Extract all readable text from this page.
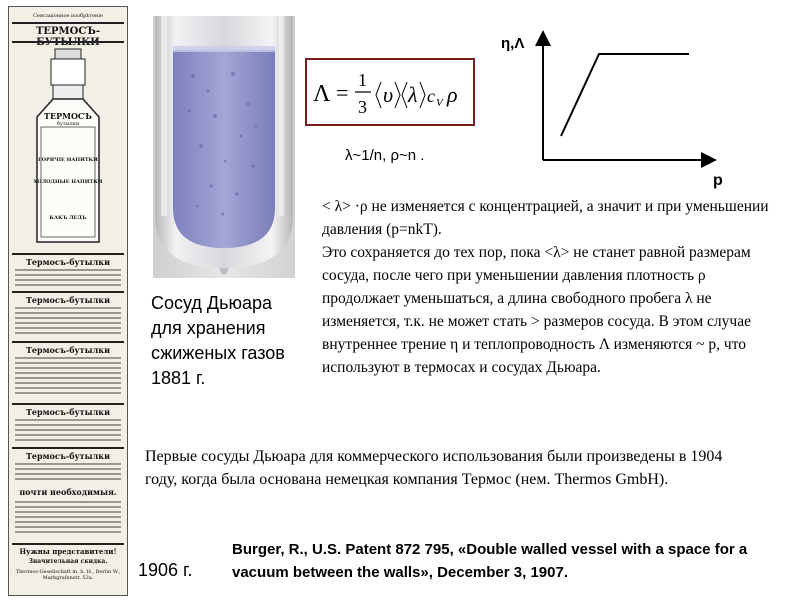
Сенсаціонное изобрѣтеніе
ТЕРМОСЪ-
ТЕРМОСЪ
бутылки
ГОРЯЧІЕ НАПИТКИ
ХОЛОДНЫЕ НАПИТКИ
КАКЪ ЛЕДЪ
Термосъ-бутылки
Термосъ-бутылки
Термосъ-бутылки
Термосъ-бутылки
Термосъ-бутылки
почти необходимыя.
Нужны представители!
Значительная скидка.
Thermos-Gesellschaft m. b. H., Berlin W., Markgrafenstr. 52a.
Λ = 1
3 υ λ c V ρ
λ~1/n, ρ~n .
η,Λ
p

< λ> ·ρ не изменяется с концентрацией, а значит и при уменьшении давления (p=nkT).

Это сохраняется до тех пор, пока <λ> не станет равной размерам сосуда, после чего при уменьшении давления плотность ρ продолжает уменьшаться, а длина свободного пробега λ не изменяется, т.к. не может стать > размеров сосуда. В этом случае внутреннее трение η и теплопроводность Λ изменяются ~ p, что используют в термосах и сосудах Дьюара.

Сосуд Дьюара для хранения сжиженых газов 1881 г.
Первые сосуды Дьюара для коммерческого использования были произведены в 1904 году, когда была основана немецкая компания Термос (нем. Thermos GmbH).
1906 г.
Burger, R., U.S. Patent 872 795, «Double walled vessel with a space for a vacuum between the walls», December 3, 1907.
